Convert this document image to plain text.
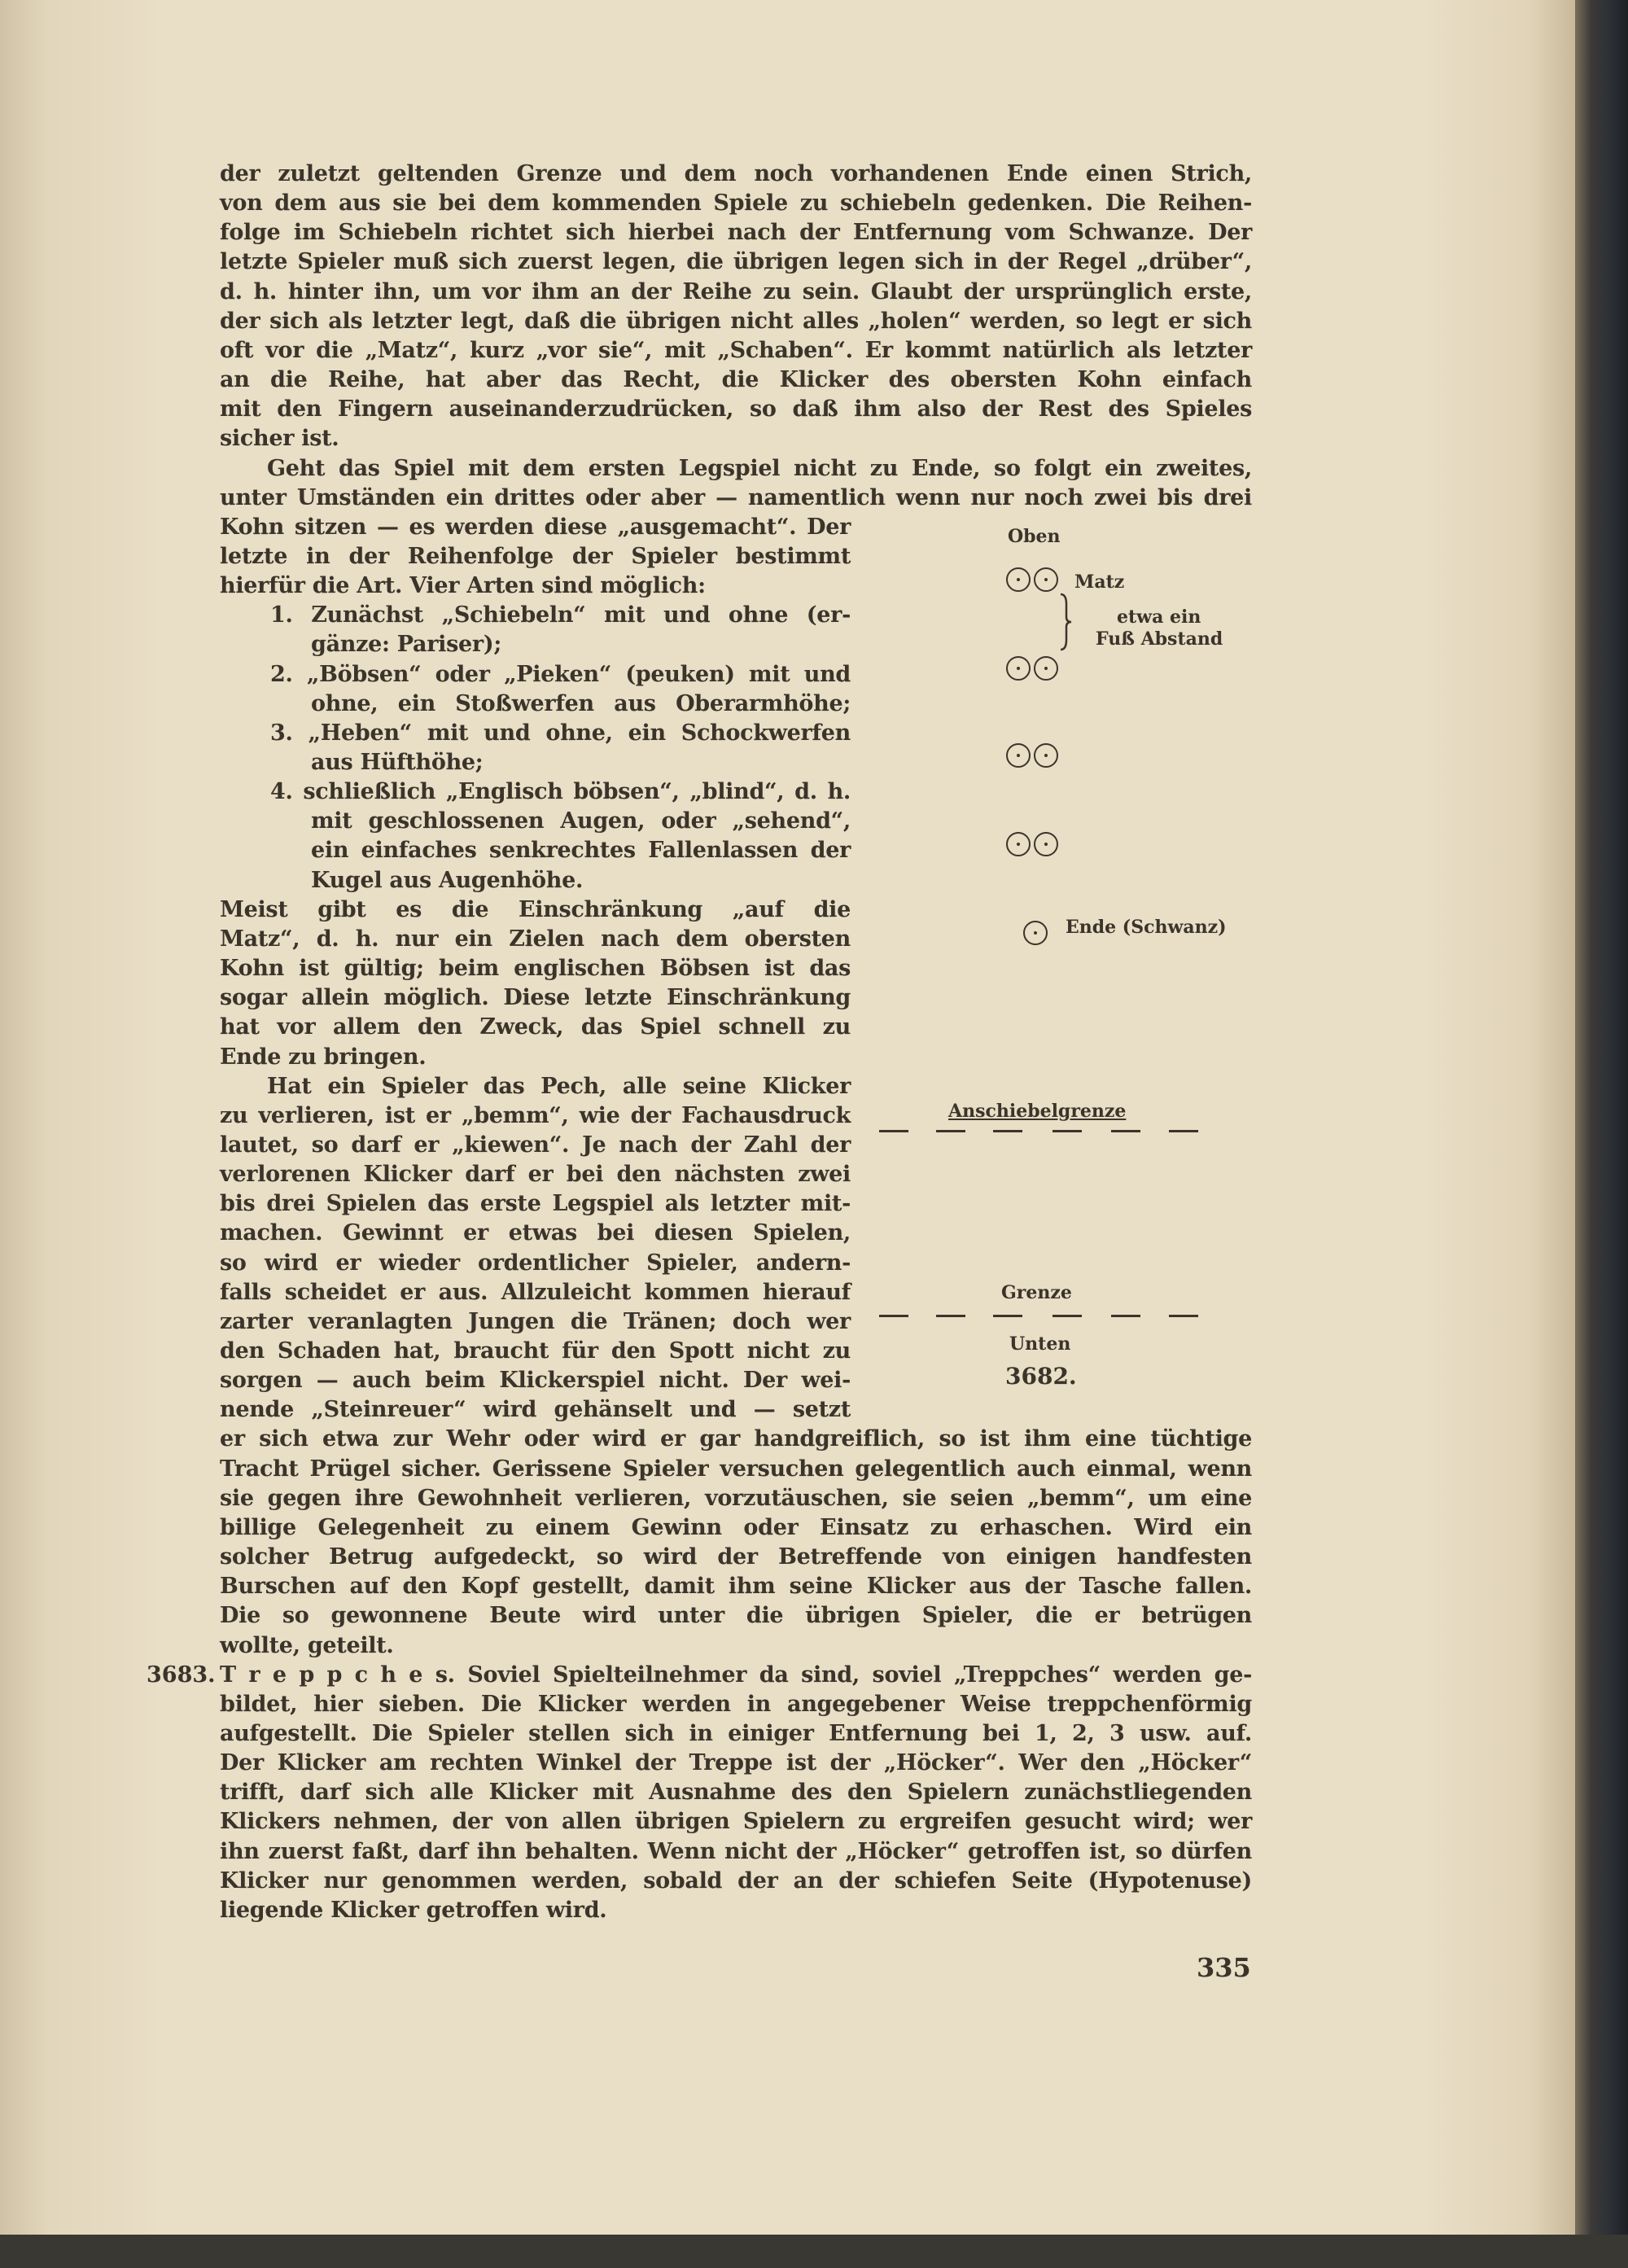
der zuletzt geltenden Grenze und dem noch vorhandenen Ende einen Strich,
von dem aus sie bei dem kommenden Spiele zu schiebeln gedenken. Die Reihen-
folge im Schiebeln richtet sich hierbei nach der Entfernung vom Schwanze. Der
letzte Spieler muß sich zuerst legen, die übrigen legen sich in der Regel „drüber“,
d. h. hinter ihn, um vor ihm an der Reihe zu sein. Glaubt der ursprünglich erste,
der sich als letzter legt, daß die übrigen nicht alles „holen“ werden, so legt er sich
oft vor die „Matz“, kurz „vor sie“, mit „Schaben“. Er kommt natürlich als letzter
an die Reihe, hat aber das Recht, die Klicker des obersten Kohn einfach
mit den Fingern auseinanderzudrücken, so daß ihm also der Rest des Spieles
sicher ist.
Geht das Spiel mit dem ersten Legspiel nicht zu Ende, so folgt ein zweites,
unter Umständen ein drittes oder aber — namentlich wenn nur noch zwei bis drei
Kohn sitzen — es werden diese „ausgemacht“. Der
letzte in der Reihenfolge der Spieler bestimmt
hierfür die Art. Vier Arten sind möglich:
1. Zunächst „Schiebeln“ mit und ohne (er-
gänze: Pariser);
2. „Böbsen“ oder „Pieken“ (peuken) mit und
ohne, ein Stoßwerfen aus Oberarmhöhe;
3. „Heben“ mit und ohne, ein Schockwerfen
aus Hüfthöhe;
4. schließlich „Englisch böbsen“, „blind“, d. h.
mit geschlossenen Augen, oder „sehend“,
ein einfaches senkrechtes Fallenlassen der
Kugel aus Augenhöhe.
Meist gibt es die Einschränkung „auf die
Matz“, d. h. nur ein Zielen nach dem obersten
Kohn ist gültig; beim englischen Böbsen ist das
sogar allein möglich. Diese letzte Einschränkung
hat vor allem den Zweck, das Spiel schnell zu
Ende zu bringen.
Hat ein Spieler das Pech, alle seine Klicker
zu verlieren, ist er „bemm“, wie der Fachausdruck
lautet, so darf er „kiewen“. Je nach der Zahl der
verlorenen Klicker darf er bei den nächsten zwei
bis drei Spielen das erste Legspiel als letzter mit-
machen. Gewinnt er etwas bei diesen Spielen,
so wird er wieder ordentlicher Spieler, andern-
falls scheidet er aus. Allzuleicht kommen hierauf
zarter veranlagten Jungen die Tränen; doch wer
den Schaden hat, braucht für den Spott nicht zu
sorgen — auch beim Klickerspiel nicht. Der wei-
nende „Steinreuer“ wird gehänselt und — setzt
er sich etwa zur Wehr oder wird er gar handgreiflich, so ist ihm eine tüchtige
Tracht Prügel sicher. Gerissene Spieler versuchen gelegentlich auch einmal, wenn
sie gegen ihre Gewohnheit verlieren, vorzutäuschen, sie seien „bemm“, um eine
billige Gelegenheit zu einem Gewinn oder Einsatz zu erhaschen. Wird ein
solcher Betrug aufgedeckt, so wird der Betreffende von einigen handfesten
Burschen auf den Kopf gestellt, damit ihm seine Klicker aus der Tasche fallen.
Die so gewonnene Beute wird unter die übrigen Spieler, die er betrügen
wollte, geteilt.
T r e p p c h e s. Soviel Spielteilnehmer da sind, soviel „Treppches“ werden ge-
bildet, hier sieben. Die Klicker werden in angegebener Weise treppchenförmig
aufgestellt. Die Spieler stellen sich in einiger Entfernung bei 1, 2, 3 usw. auf.
Der Klicker am rechten Winkel der Treppe ist der „Höcker“. Wer den „Höcker“
trifft, darf sich alle Klicker mit Ausnahme des den Spielern zunächstliegenden
Klickers nehmen, der von allen übrigen Spielern zu ergreifen gesucht wird; wer
ihn zuerst faßt, darf ihn behalten. Wenn nicht der „Höcker“ getroffen ist, so dürfen
Klicker nur genommen werden, sobald der an der schiefen Seite (Hypotenuse)
liegende Klicker getroffen wird.
3683.
Oben
Matz
etwa ein
Fuß Abstand
Ende (Schwanz)
Anschiebelgrenze
Grenze
Unten
3682.
335
